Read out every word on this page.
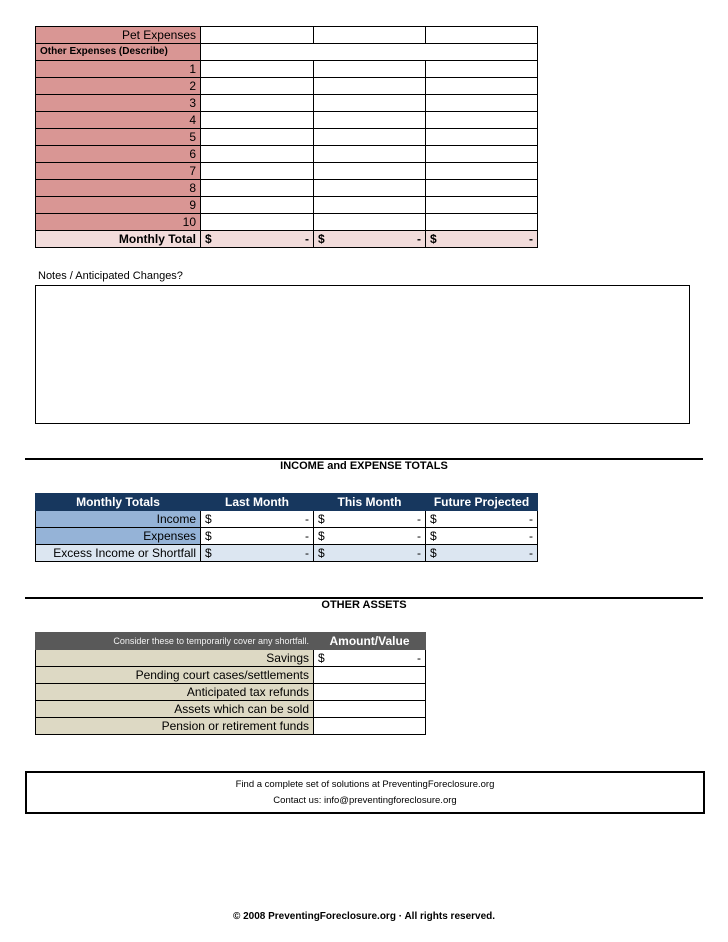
Pet Expenses			
Other Expenses (Describe)			
1			
2			
3			
4			
5			
6			
7			
8			
9			
10			
Monthly Total	$ -	$ -	$ -
Notes / Anticipated Changes?
INCOME and EXPENSE TOTALS
Monthly Totals	Last Month	This Month	Future Projected
Income	$ -	$ -	$ -

Expenses	$ -	$ -	$ -

Excess Income or Shortfall	$ -	$ -	$ -
OTHER ASSETS
Consider these to temporarily cover any shortfall.	Amount/Value
Savings	$ -

Pending court cases/settlements	
Anticipated tax refunds	
Assets which can be sold	
Pension or retirement funds	
Find a complete set of solutions at PreventingForeclosure.org
Contact us: info@preventingforeclosure.org
© 2008 PreventingForeclosure.org · All rights reserved.
